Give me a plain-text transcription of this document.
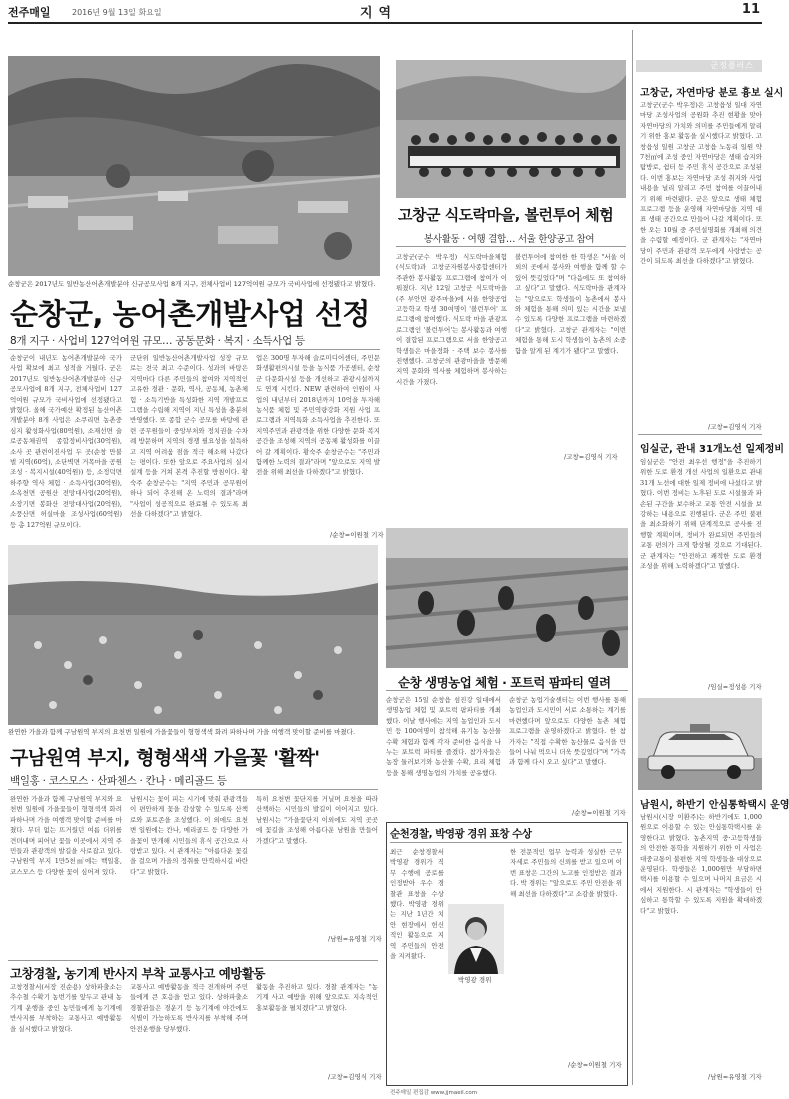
전주매일	2016년 9월 13일 화요일	지역	11
순창군은 2017년도 일반농산어촌개발분야 신규공모사업 8개 지구, 전체사업비 127억여원 규모가 국비사업에 선정됐다고 밝혔다.
순창군, 농어촌개발사업 선정
8개 지구 · 사업비 127억여원 규모… 공동문화 · 복지 · 소득사업 등
순창군이 내년도 농어촌개발분야 국가사업 확보에 최고 성적을 거뒀다. 군은 2017년도 일반농산어촌개발분야 신규공모사업에 8개 지구, 전체사업비 127억여원 규모가 국비사업에 선정됐다고 밝혔다. 올해 국가예산 확정된 농산어촌개발분야 8개 사업은 소쿠리면 농촌중심지 활성화사업(80억원), 소재선면 술로공동체권역 종합정비사업(30억원), 소사 곳 관련이진사업 두 곳(순창 만불벌 지역(60억), 소단벽면 거목마을 공원조성 · 복지시설(40억원)) 등, 소정덕면 하주향 역사 체험 · 소득사업(30억원), 소옥천면 공원산 전망대사업(20억원), 소장기면 봉화산 전망대사업(20억원), 소풍산면 허실마을 조성사업(60억원) 등 총 127억원 규모이다.
군단위 일반농산어촌개발사업 성장 규모로는 전국 최고 수준이다. 성과의 바탕은 지역마다 다른 주민들의 참여와 지역적인 고유한 경관 · 문화, 역사, 공동체, 농촌체험 · 소득기반을 특성화한 지역 개발프로그램을 수립해 지역이 지닌 특성을 충분히 반영했다. 또 종합 군수 공모를 바탕에 관련 공무원들이 중앙부처와 정치권을 수차례 방문하며 지역의 경쟁 필요성을 설득하고 지역 어려움 점을 적극 해소해 나갔다는 평이다. 또한 앞으로 주요사업의 실시설계 등을 거쳐 본격 추진할 방침이다. 황숙주 순창군수는 "지역 주민과 공무원이 하나 되어 추진해 온 노력의 결과"라며 "사업이 성공적으로 완료될 수 있도록 최선을 다하겠다"고 밝혔다.
업은 300명 투자해 슬로미디어센터, 주민문화생활편의시설 등을 농식품 가공센터, 순창군 다문화시설 등을 개선하고 관광시설까지도 연계 시킨다. NEW 관련하여 인원이 사업의 내년부터 2018년까지 10억을 투자해 농식품 체험 및 주민역량강화 지원 사업 프로그램과 지역특화 소득사업을 추진한다. 또 지역주민과 관광객을 위한 다양한 문화 복지 공간을 조성해 지역의 공동체 활성화를 이끌어 갈 계획이다. 황숙주 순창군수는 "주민과 함께한 노력의 결과"라며 "앞으로도 지역 발전을 위해 최선을 다하겠다"고 밝혔다.
/순창=이원철 기자
고창군 식도락마을, 볼런투어 체험
봉사활동 · 여행 결합… 서울 한양공고 참여
고창군(군수 박우정) 식도락마을체험(식도락)과 고창군자원봉사종합센터가 주관한 봉사활동 프로그램에 참여가 이뤄졌다. 지난 12일 고창군 식도락마을(주 부안면 광주마을)에 서울 한양공업고등학교 학생 30여명이 '볼런투어' 프로그램에 참여했다. 식도락 마을 관광프로그램인 '볼런투어'는 봉사활동과 여행이 결합된 프로그램으로 서울 한양공고 학생들은 마을정화 · 주택 보수 봉사를 진행했다. 고창군의 관광마을을 방문해 지역 문화와 역사를 체험하며 봉사하는 시간을 가졌다.
볼런투어에 참여한 한 학생은 "서울 이외의 곳에서 봉사와 여행을 함께 할 수 있어 뜻깊었다"며 "다음에도 또 참여하고 싶다"고 말했다. 식도락마을 관계자는 "앞으로도 학생들이 농촌에서 봉사와 체험을 통해 의미 있는 시간을 보낼 수 있도록 다양한 프로그램을 마련하겠다"고 밝혔다. 고창군 관계자는 "이번 체험을 통해 도시 학생들이 농촌의 소중함을 알게 된 계기가 됐다"고 말했다.
/고창=김영식 기자
순창 생명농업 체험 · 포트럭 팜파티 열려
순창군은 15일 순창읍 섬진강 일대에서 생명농업 체험 및 포트럭 팜파티를 개최했다. 이날 행사에는 지역 농업인과 도시민 등 100여명이 참석해 유기농 농산물 수확 체험과 함께 각자 준비한 음식을 나누는 포트럭 파티를 즐겼다. 참가자들은 농장 둘러보기와 농산물 수확, 요리 체험 등을 통해 생명농업의 가치를 공유했다.
순창군 농업기술센터는 이번 행사를 통해 농업인과 도시민이 서로 소통하는 계기를 마련했다며 앞으로도 다양한 농촌 체험 프로그램을 운영하겠다고 밝혔다. 한 참가자는 "직접 수확한 농산물로 음식을 만들어 나눠 먹으니 더욱 뜻깊었다"며 "가족과 함께 다시 오고 싶다"고 말했다.
/순창=이원철 기자
완연한 가을과 함께 구남원역 부지의 요천변 일원에 가을꽃들이 형형색색 화려 파하나며 가을 여행객 맞이할 준비를 마쳤다.
구남원역 부지, 형형색색 가을꽃 '활짝'
백일홍 · 코스모스 · 산파첸스 · 칸나 · 메리골드 등
완연한 가을과 함께 구남원역 부지와 요천변 일원에 가을꽃들이 형형색색 화려 파하나며 가을 여행객 맞이할 준비를 마쳤다. 무더 없는 뜨거웠던 여름 더위를 견뎌내며 피어난 꽃들 이곳에서 지역 주민들과 관광객의 발길을 사로잡고 있다. 구남원역 부지 1만5천㎡에는 백일홍, 코스모스 등 다양한 꽃이 심어져 있다.
남원시는 꽃이 피는 시기에 맞춰 관광객들이 편안하게 꽃을 감상할 수 있도록 산책로와 포토존을 조성했다. 이 외에도 요천변 일원에는 칸나, 메리골드 등 다양한 가을꽃이 만개해 시민들의 휴식 공간으로 사랑받고 있다. 시 관계자는 "아름다운 꽃길을 걸으며 가을의 정취를 만끽하시길 바란다"고 밝혔다.
특히 요천변 꽃단지를 거닐며 요천을 따라 산책하는 시민들의 발길이 이어지고 있다. 남원시는 "가을꽃단지 이외에도 지역 곳곳에 꽃길을 조성해 아름다운 남원을 만들어 가겠다"고 말했다.
/남원=유영철 기자
고창경찰, 농기계 반사지 부착 교통사고 예방활동
고창경찰서(서장 진순용) 상하파출소는 추수철 수확기 농번기를 앞두고 관내 농기계 운행을 중인 농민들에게 농기계에 반사지를 부착하는 교통사고 예방활동을 실시했다고 밝혔다.
교통사고 예방활동을 적극 전개하며 주민들에게 큰 호응을 얻고 있다. 상하파출소 경찰관들은 경운기 등 농기계에 야간에도 식별이 가능하도록 반사지를 부착해 주며 안전운행을 당부했다.
활동을 추진하고 있다. 경찰 관계자는 "농기계 사고 예방을 위해 앞으로도 지속적인 홍보활동을 펼치겠다"고 밝혔다.
/고창=김영식 기자
순천경찰, 박영광 경위 표창 수상
최근 순창경찰서 박영광 경위가 직무 수행에 공로를 인정받아 우수 경찰관 표창을 수상했다. 박영광 경위는 지난 1년간 치안 현장에서 헌신적인 활동으로 지역 주민들의 안전을 지켜왔다.
박영광 경위
한 전문적인 업무 능력과 성실한 근무 자세로 주민들의 신뢰를 받고 있으며 이번 표창은 그간의 노고를 인정받은 결과다. 박 경위는 "앞으로도 주민 안전을 위해 최선을 다하겠다"고 소감을 밝혔다.
/순창=이원철 기자
군정플러스
고창군, 자연마당 분로 흉보 실시
고창군(군수 박우정)은 고창읍성 일대 자연마당 조성사업의 공원화 추진 현황을 맞아 자연마당의 가치와 의미를 주민들에게 알리기 위한 홍보 활동을 실시했다고 밝혔다. 고창읍성 일원 고창군 고창읍 노동리 일원 약 7천㎡에 조성 중인 자연마당은 생태 습지와 탐방로, 쉼터 등 주민 휴식 공간으로 조성된다. 이번 홍보는 자연마당 조성 취지와 사업 내용을 널리 알리고 주민 참여를 이끌어내기 위해 마련됐다. 군은 앞으로 생태 체험 프로그램 등을 운영해 자연마당을 지역 대표 생태 공간으로 만들어 나갈 계획이다. 또한 오는 10월 중 주민설명회를 개최해 의견을 수렴할 예정이다. 군 관계자는 "자연마당이 주민과 관광객 모두에게 사랑받는 공간이 되도록 최선을 다하겠다"고 밝혔다.
/고창=김영식 기자
임실군, 관내 31개노선 일제정비
임실군은 "안전 최우선 행정"을 추진하기 위한 도로 환경 개선 사업의 일환으로 관내 31개 노선에 대한 일제 정비에 나섰다고 밝혔다. 이번 정비는 노후된 도로 시설물과 파손된 구간을 보수하고 교통 안전 시설을 보강하는 내용으로 진행된다. 군은 주민 불편을 최소화하기 위해 단계적으로 공사를 진행할 계획이며, 정비가 완료되면 주민들의 교통 편의가 크게 향상될 것으로 기대된다. 군 관계자는 "안전하고 쾌적한 도로 환경 조성을 위해 노력하겠다"고 말했다.
/임실=정성용 기자
남원시, 하반기 안심통학택시 운영
남원시(시장 이환주)는 하반기에도 1,000원으로 이용할 수 있는 안심통학택시를 운영한다고 밝혔다. 농촌지역 중·고등학생들의 안전한 통학을 지원하기 위한 이 사업은 대중교통이 불편한 지역 학생들을 대상으로 운영된다. 학생들은 1,000원만 부담하면 택시를 이용할 수 있으며 나머지 요금은 시에서 지원한다. 시 관계자는 "학생들이 안심하고 통학할 수 있도록 지원을 확대하겠다"고 밝혔다.
/남원=유영철 기자
전주매일 편집감 www.jjmaeil.com
